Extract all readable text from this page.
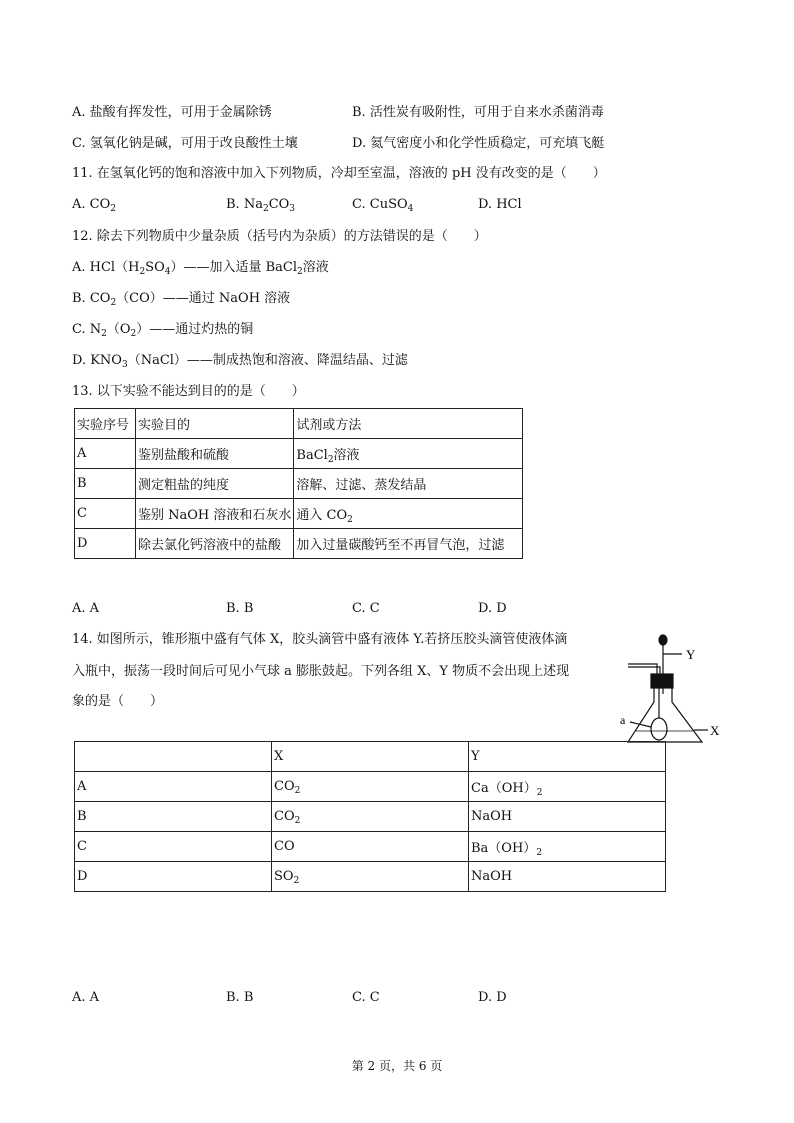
A. 盐酸有挥发性，可用于金属除锈	B. 活性炭有吸附性，可用于自来水杀菌消毒
C. 氢氧化钠是碱，可用于改良酸性土壤	D. 氦气密度小和化学性质稳定，可充填飞艇
11. 在氢氧化钙的饱和溶液中加入下列物质，冷却至室温，溶液的 pH 没有改变的是（　　）
A. $CO_2$	B. $Na_2CO_3$	C. CuSO$_4$	D. HCl
12. 除去下列物质中少量杂质（括号内为杂质）的方法错误的是（　　）
A. $HCl(H_2SO_4)——$加入适量 BaCl$_2$溶液
B. $CO_2(CO)——$通过 NaOH 溶液
C. $N_2(O_2)——$通过灼热的铜
D. $KNO_3(NaCl)——$制成热饱和溶液、降温结晶、过滤
13. 以下实验不能达到目的的是（　　）
实验序号	实验目的	试剂或方法
A	鉴别盐酸和硫酸	BaCl$_2$溶液
B	测定粗盐的纯度	溶解、过滤、蒸发结晶
C	鉴别 NaOH 溶液和石灰水	通入 $CO_2$
D	除去氯化钙溶液中的盐酸	加入过量碳酸钙至不再冒气泡，过滤
A. A	B. B	C. C	D. D
14. 如图所示，锥形瓶中盛有气体 X，胶头滴管中盛有液体 Y.若挤压胶头滴管使液体滴
入瓶中，振荡一段时间后可见小气球 a 膨胀鼓起。下列各组 X、Y 物质不会出现上述现
象的是（　　）
Y
X
a
	X	Y
A	$CO_2$	$Ca(OH)_2$
B	$CO_2$	NaOH
C	CO	$Ba(OH)_2$
D	$SO_2$	NaOH
A. A	B. B	C. C	D. D
第 2 页，共 6 页
